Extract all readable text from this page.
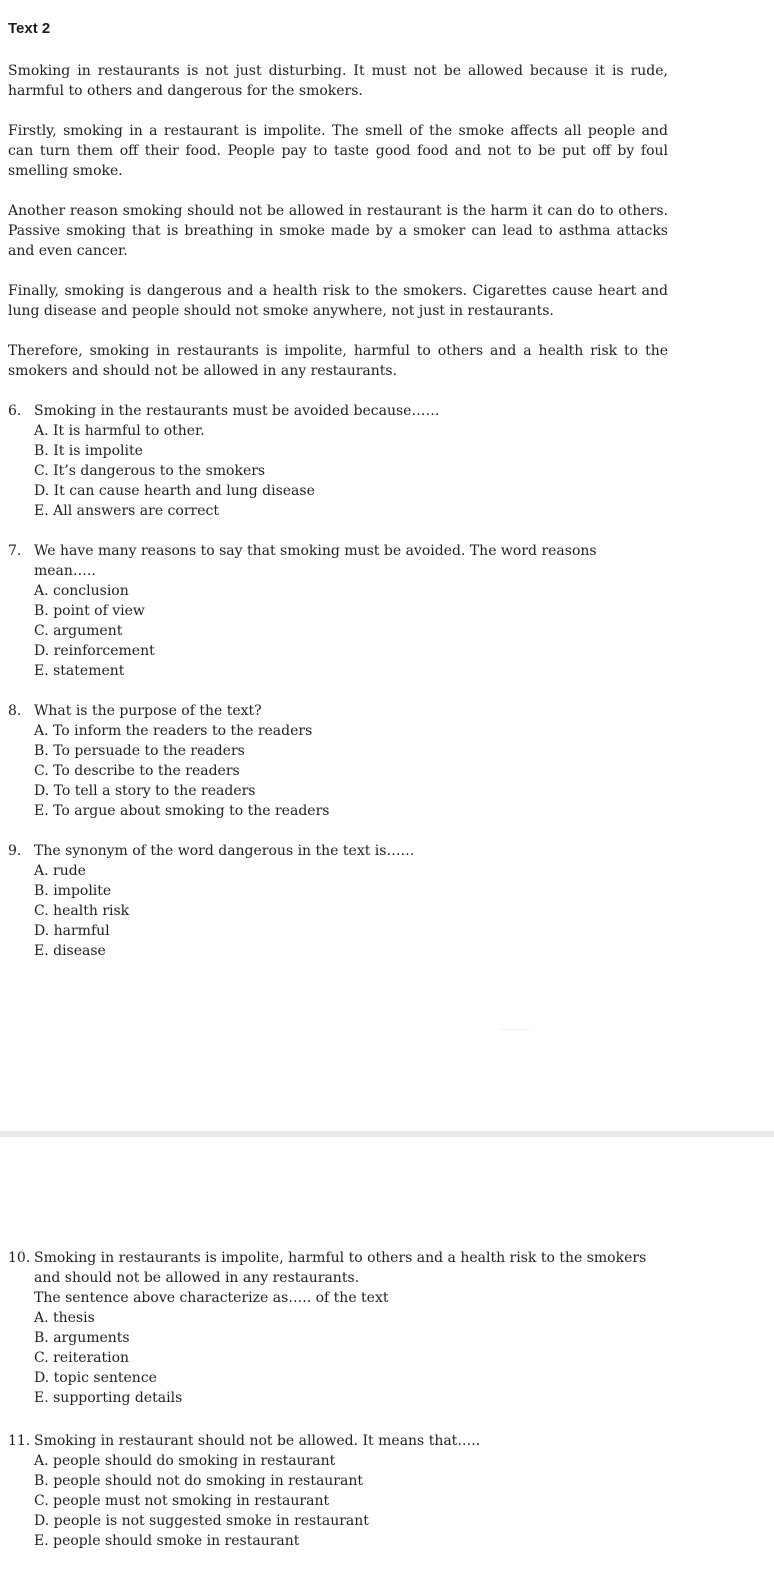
Text 2

Smoking in restaurants is not just disturbing. It must not be allowed because it is rude, harmful to others and dangerous for the smokers.

Firstly, smoking in a restaurant is impolite. The smell of the smoke affects all people and can turn them off their food. People pay to taste good food and not to be put off by foul smelling smoke.

Another reason smoking should not be allowed in restaurant is the harm it can do to others. Passive smoking that is breathing in smoke made by a smoker can lead to asthma attacks and even cancer.

Finally, smoking is dangerous and a health risk to the smokers. Cigarettes cause heart and lung disease and people should not smoke anywhere, not just in restaurants.

Therefore, smoking in restaurants is impolite, harmful to others and a health risk to the smokers and should not be allowed in any restaurants.

6. Smoking in the restaurants must be avoided because……
A. It is harmful to other.
B. It is impolite
C. It’s dangerous to the smokers
D. It can cause hearth and lung disease
E. All answers are correct
7. We have many reasons to say that smoking must be avoided. The word reasons
mean…..
A. conclusion
B. point of view
C. argument
D. reinforcement
E. statement
8. What is the purpose of the text?
A. To inform the readers to the readers
B. To persuade to the readers
C. To describe to the readers
D. To tell a story to the readers
E. To argue about smoking to the readers
9. The synonym of the word dangerous in the text is……
A. rude
B. impolite
C. health risk
D. harmful
E. disease
10. Smoking in restaurants is impolite, harmful to others and a health risk to the smokers
and should not be allowed in any restaurants.
The sentence above characterize as….. of the text
A. thesis
B. arguments
C. reiteration
D. topic sentence
E. supporting details
11. Smoking in restaurant should not be allowed. It means that…..
A. people should do smoking in restaurant
B. people should not do smoking in restaurant
C. people must not smoking in restaurant
D. people is not suggested smoke in restaurant
E. people should smoke in restaurant
